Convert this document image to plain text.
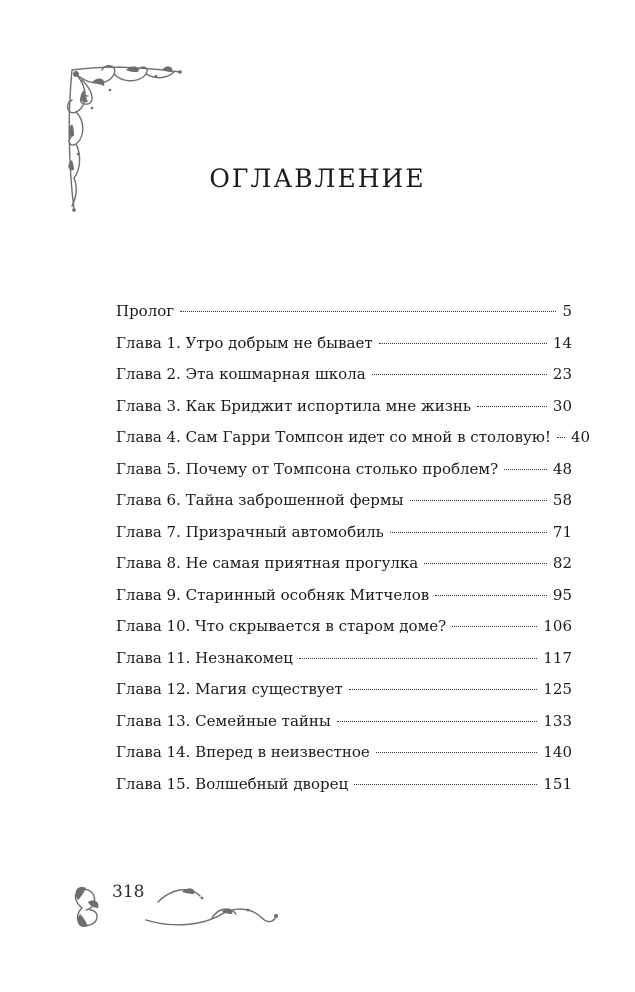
ОГЛАВЛЕНИЕ
Пролог	5
Глава 1. Утро добрым не бывает	14
Глава 2. Эта кошмарная школа	23
Глава 3. Как Бриджит испортила мне жизнь	30
Глава 4. Сам Гарри Томпсон идет со мной в столовую! 40
Глава 5. Почему от Томпсона столько проблем?	48
Глава 6. Тайна заброшенной фермы	58
Глава 7. Призрачный автомобиль	71
Глава 8. Не самая приятная прогулка	82
Глава 9. Старинный особняк Митчелов	95
Глава 10. Что скрывается в старом доме?	106
Глава 11. Незнакомец	117
Глава 12. Магия существует	125
Глава 13. Семейные тайны	133
Глава 14. Вперед в неизвестное	140
Глава 15. Волшебный дворец	151
318
